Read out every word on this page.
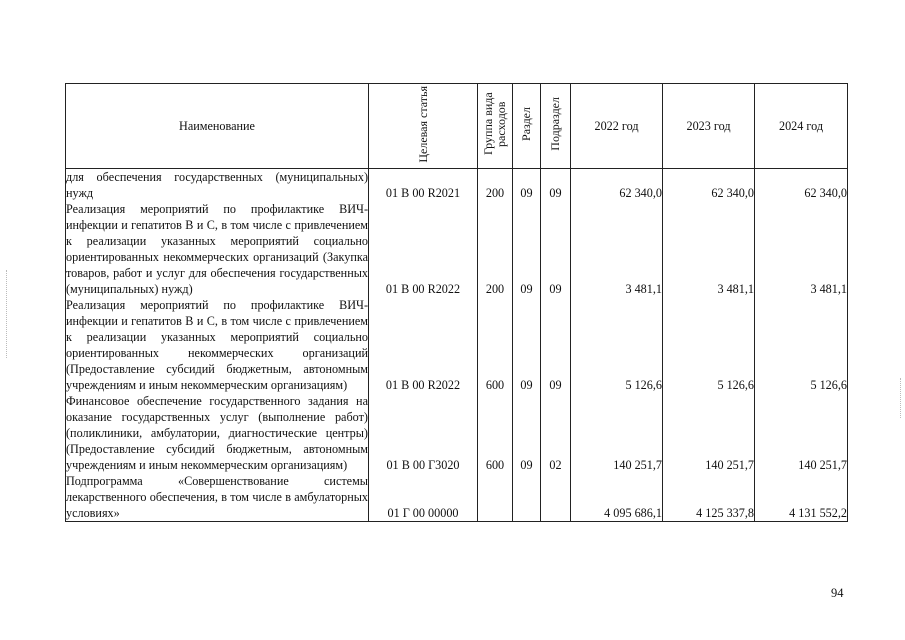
Наименование	Целевая статья	Группа вида расходов	Раздел	Подраздел	2022 год	2023 год	2024 год
для обеспечения государственных (муниципальных) нужд	01 В 00 R2021	200	09	09	62 340,0	62 340,0	62 340,0
Реализация мероприятий по профилактике ВИЧ-инфекции и гепатитов В и С, в том числе с привлечением к реализации указанных мероприятий социально ориентированных некоммерческих организаций (Закупка товаров, работ и услуг для обеспечения государственных (муниципальных) нужд)	01 В 00 R2022	200	09	09	3 481,1	3 481,1	3 481,1
Реализация мероприятий по профилактике ВИЧ-инфекции и гепатитов В и С, в том числе с привлечением к реализации указанных мероприятий социально ориентированных некоммерческих организаций (Предоставление субсидий бюджетным, автономным учреждениям и иным некоммерческим организациям)	01 В 00 R2022	600	09	09	5 126,6	5 126,6	5 126,6
Финансовое обеспечение государственного задания на оказание государственных услуг (выполнение работ) (поликлиники, амбулатории, диагностические центры) (Предоставление субсидий бюджетным, автономным учреждениям и иным некоммерческим организациям)	01 В 00 Г3020	600	09	02	140 251,7	140 251,7	140 251,7
Подпрограмма «Совершенствование системы лекарственного обеспечения, в том числе в амбулаторных условиях»	01 Г 00 00000				4 095 686,1	4 125 337,8	4 131 552,2
94
